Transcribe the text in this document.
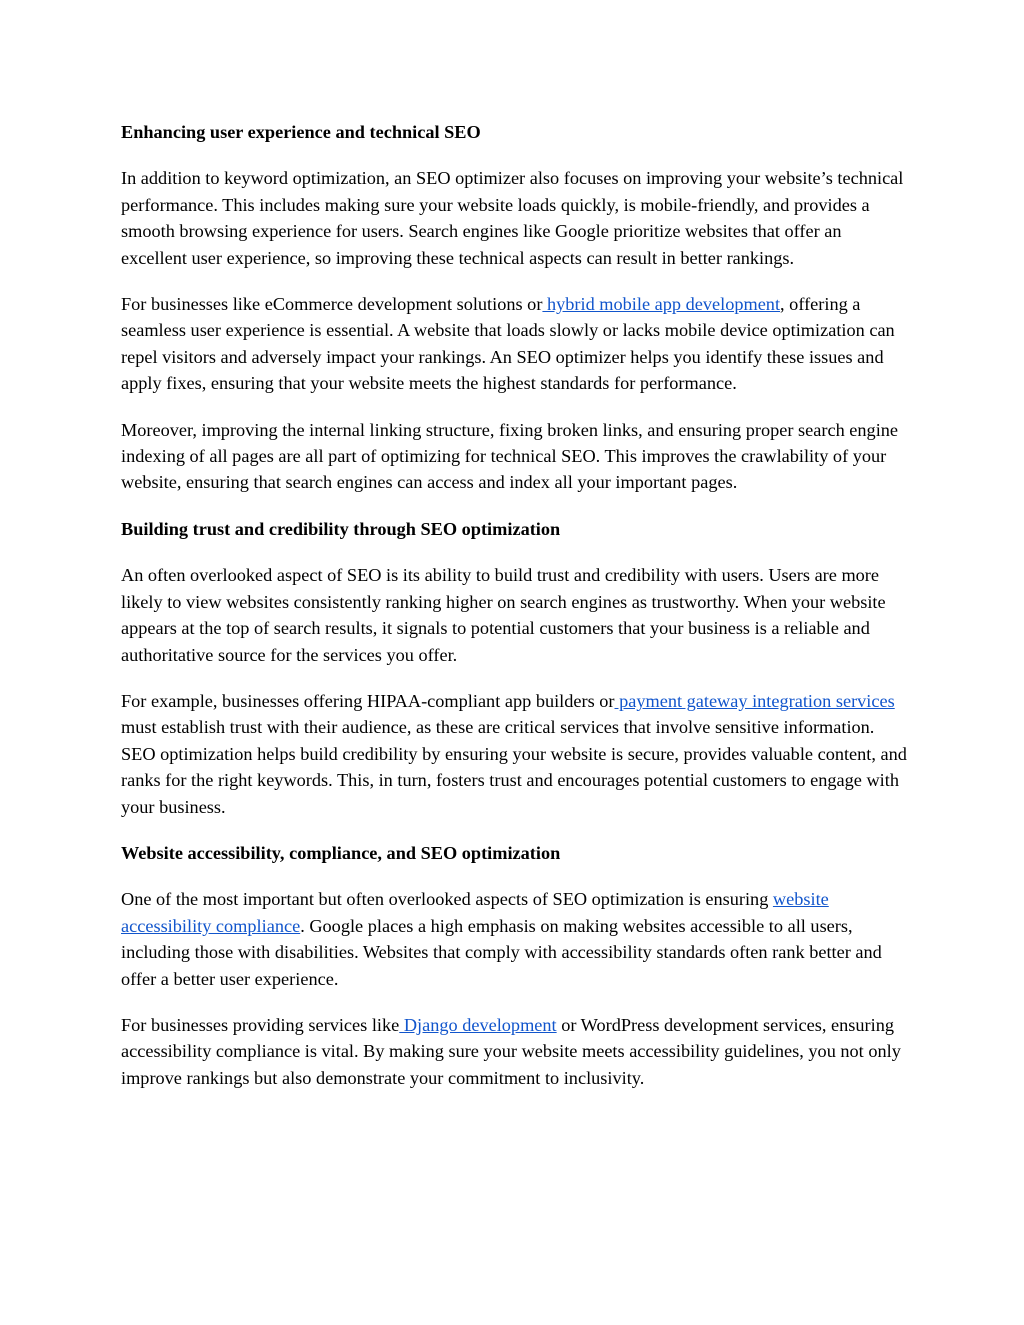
Enhancing user experience and technical SEO

In addition to keyword optimization, an SEO optimizer also focuses on improving your website’s technical performance. This includes making sure your website loads quickly, is mobile-friendly, and provides a smooth browsing experience for users. Search engines like Google prioritize websites that offer an excellent user experience, so improving these technical aspects can result in better rankings.

For businesses like eCommerce development solutions or hybrid mobile app development, offering a seamless user experience is essential. A website that loads slowly or lacks mobile device optimization can repel visitors and adversely impact your rankings. An SEO optimizer helps you identify these issues and apply fixes, ensuring that your website meets the highest standards for performance.

Moreover, improving the internal linking structure, fixing broken links, and ensuring proper search engine indexing of all pages are all part of optimizing for technical SEO. This improves the crawlability of your website, ensuring that search engines can access and index all your important pages.

Building trust and credibility through SEO optimization

An often overlooked aspect of SEO is its ability to build trust and credibility with users. Users are more likely to view websites consistently ranking higher on search engines as trustworthy. When your website appears at the top of search results, it signals to potential customers that your business is a reliable and authoritative source for the services you offer.

For example, businesses offering HIPAA-compliant app builders or payment gateway integration services must establish trust with their audience, as these are critical services that involve sensitive information. SEO optimization helps build credibility by ensuring your website is secure, provides valuable content, and ranks for the right keywords. This, in turn, fosters trust and encourages potential customers to engage with your business.

Website accessibility, compliance, and SEO optimization

One of the most important but often overlooked aspects of SEO optimization is ensuring website accessibility compliance. Google places a high emphasis on making websites accessible to all users, including those with disabilities. Websites that comply with accessibility standards often rank better and offer a better user experience.

For businesses providing services like Django development or WordPress development services, ensuring accessibility compliance is vital. By making sure your website meets accessibility guidelines, you not only improve rankings but also demonstrate your commitment to inclusivity.
